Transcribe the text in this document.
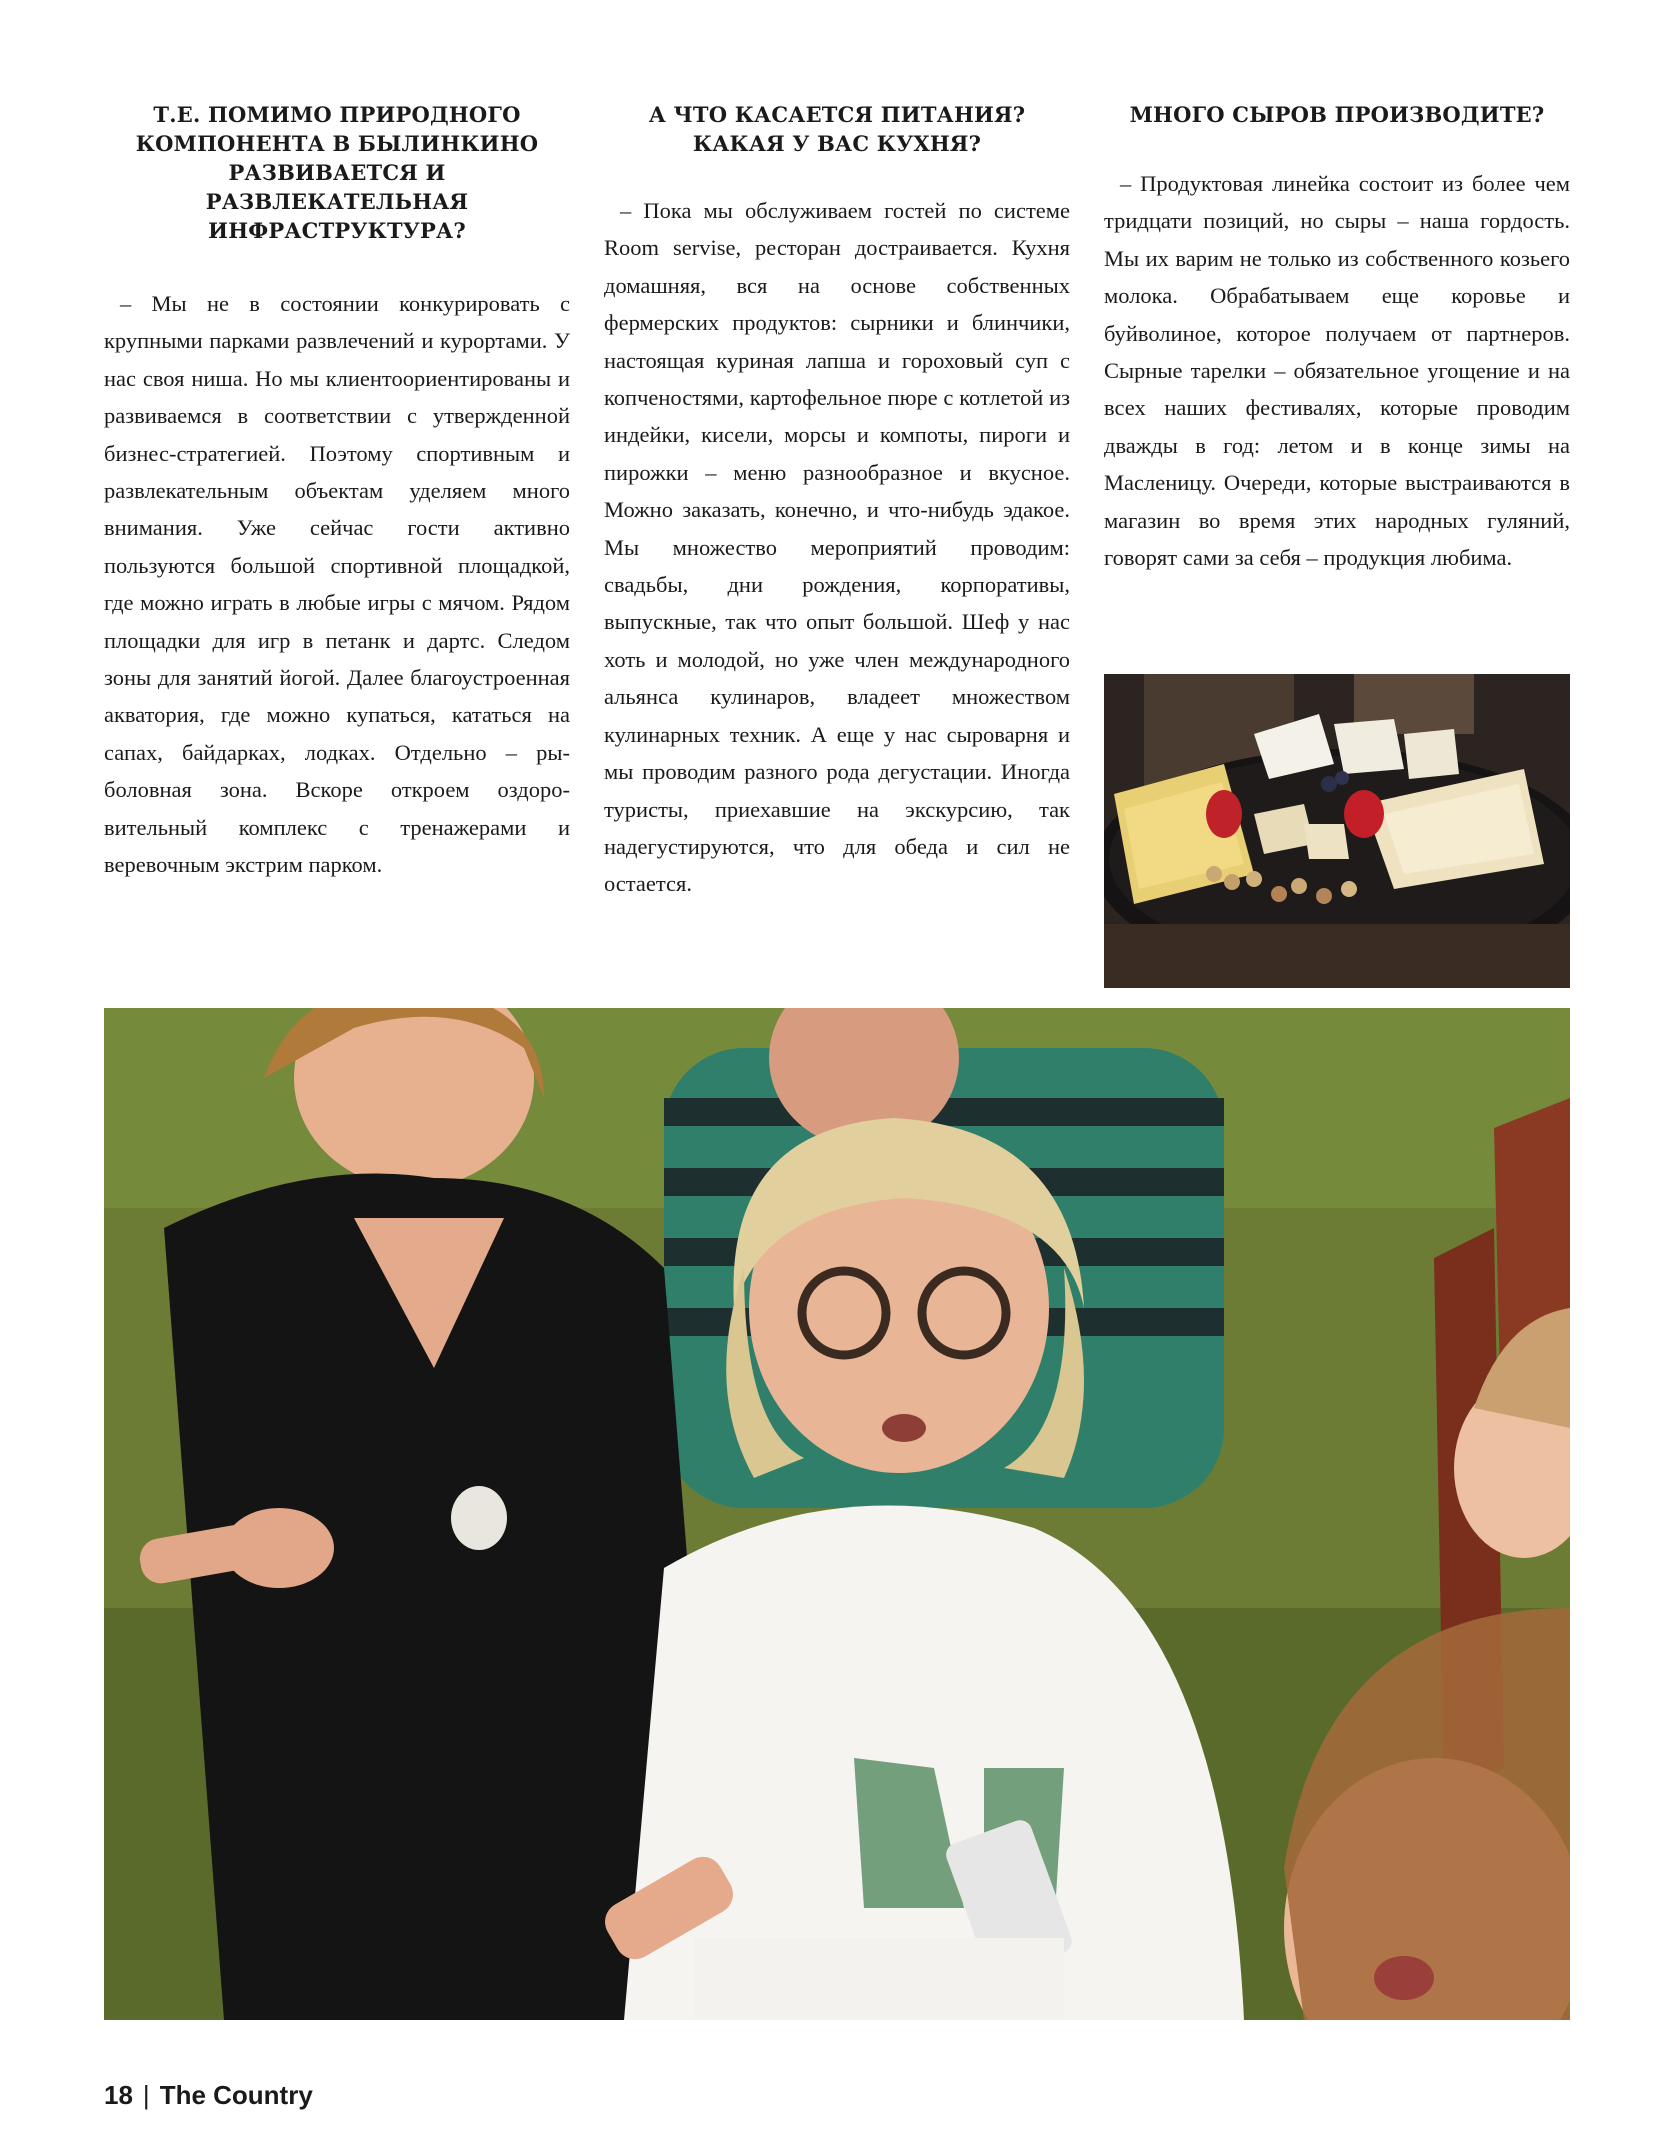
Т.Е. ПОМИМО ПРИРОДНОГО КОМПОНЕНТА В БЫЛИНКИНО РАЗВИВАЕТСЯ И РАЗВЛЕКАТЕЛЬНАЯ ИНФРАСТРУКТУРА?

– Мы не в состоянии конкурировать с крупными парками развлечений и курортами. У нас своя ниша. Но мы клиентоориентированы и развиваемся в соответствии с утвержденной бизнес-стратегией. Поэтому спортивным и развлекательным объектам уделяем много внимания. Уже сейчас гости активно пользуются большой спортивной площадкой, где можно играть в любые игры с мячом. Рядом площадки для игр в петанк и дартс. Следом зоны для занятий йогой. Далее благоустроенная акватория, где можно купаться, кататься на сапах, байдарках, лодках. Отдельно – рыболовная зона. Вскоре откроем оздоровительный комплекс с тренажерами и веревочным экстрим парком.

А ЧТО КАСАЕТСЯ ПИТАНИЯ? КАКАЯ У ВАС КУХНЯ?

– Пока мы обслуживаем гостей по системе Room servise, ресторан достраивается. Кухня домашняя, вся на основе собственных фермерских продуктов: сырники и блинчики, настоящая куриная лапша и гороховый суп с копченостями, картофельное пюре с котлетой из индейки, кисели, морсы и компоты, пироги и пирожки – меню разнообразное и вкусное. Можно заказать, конечно, и что-нибудь эдакое. Мы множество мероприятий проводим: свадьбы, дни рождения, корпоративы, выпускные, так что опыт большой. Шеф у нас хоть и молодой, но уже член международного альянса кулинаров, владеет множеством кулинарных техник. А еще у нас сыроварня и мы проводим разного рода дегустации. Иногда туристы, приехавшие на экскурсию, так надегустируются, что для обеда и сил не остается.

МНОГО СЫРОВ ПРОИЗВОДИТЕ?

– Продуктовая линейка состоит из более чем тридцати позиций, но сыры – наша гордость. Мы их варим не только из собственного козьего молока. Обрабатываем еще коровье и буйволиное, которое получаем от партнеров. Сырные тарелки – обязательное угощение и на всех наших фестивалях, которые проводим дважды в год: летом и в конце зимы на Масленицу. Очереди, которые выстраиваются в магазин во время этих народных гуляний, говорят сами за себя – продукция любима.

18 | The Country
